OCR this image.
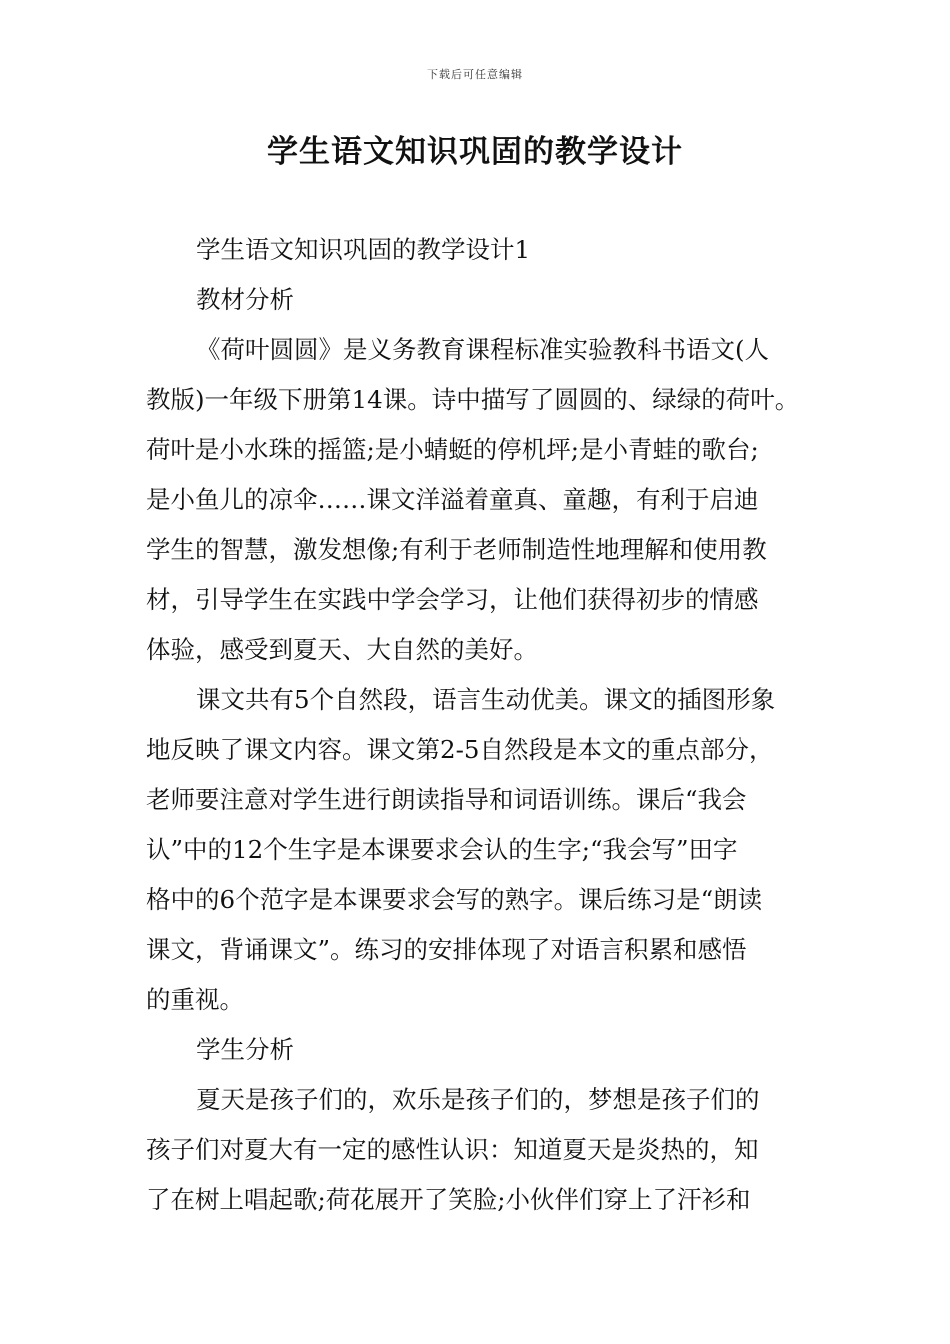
下载后可任意编辑
学生语文知识巩固的教学设计
学生语文知识巩固的教学设计1
教材分析
《荷叶圆圆》是义务教育课程标准实验教科书语文(人
教版)一年级下册第14课。诗中描写了圆圆的、绿绿的荷叶。
荷叶是小水珠的摇篮;是小蜻蜓的停机坪;是小青蛙的歌台;
是小鱼儿的凉伞……课文洋溢着童真、童趣，有利于启迪
学生的智慧，激发想像;有利于老师制造性地理解和使用教
材，引导学生在实践中学会学习，让他们获得初步的情感
体验，感受到夏天、大自然的美好。
课文共有5个自然段，语言生动优美。课文的插图形象
地反映了课文内容。课文第2-5自然段是本文的重点部分，
老师要注意对学生进行朗读指导和词语训练。课后“我会
认”中的12个生字是本课要求会认的生字;“我会写”田字
格中的6个范字是本课要求会写的熟字。课后练习是“朗读
课文，背诵课文”。练习的安排体现了对语言积累和感悟
的重视。
学生分析
夏天是孩子们的，欢乐是孩子们的，梦想是孩子们的
孩子们对夏大有一定的感性认识：知道夏天是炎热的，知
了在树上唱起歌;荷花展开了笑脸;小伙伴们穿上了汗衫和
